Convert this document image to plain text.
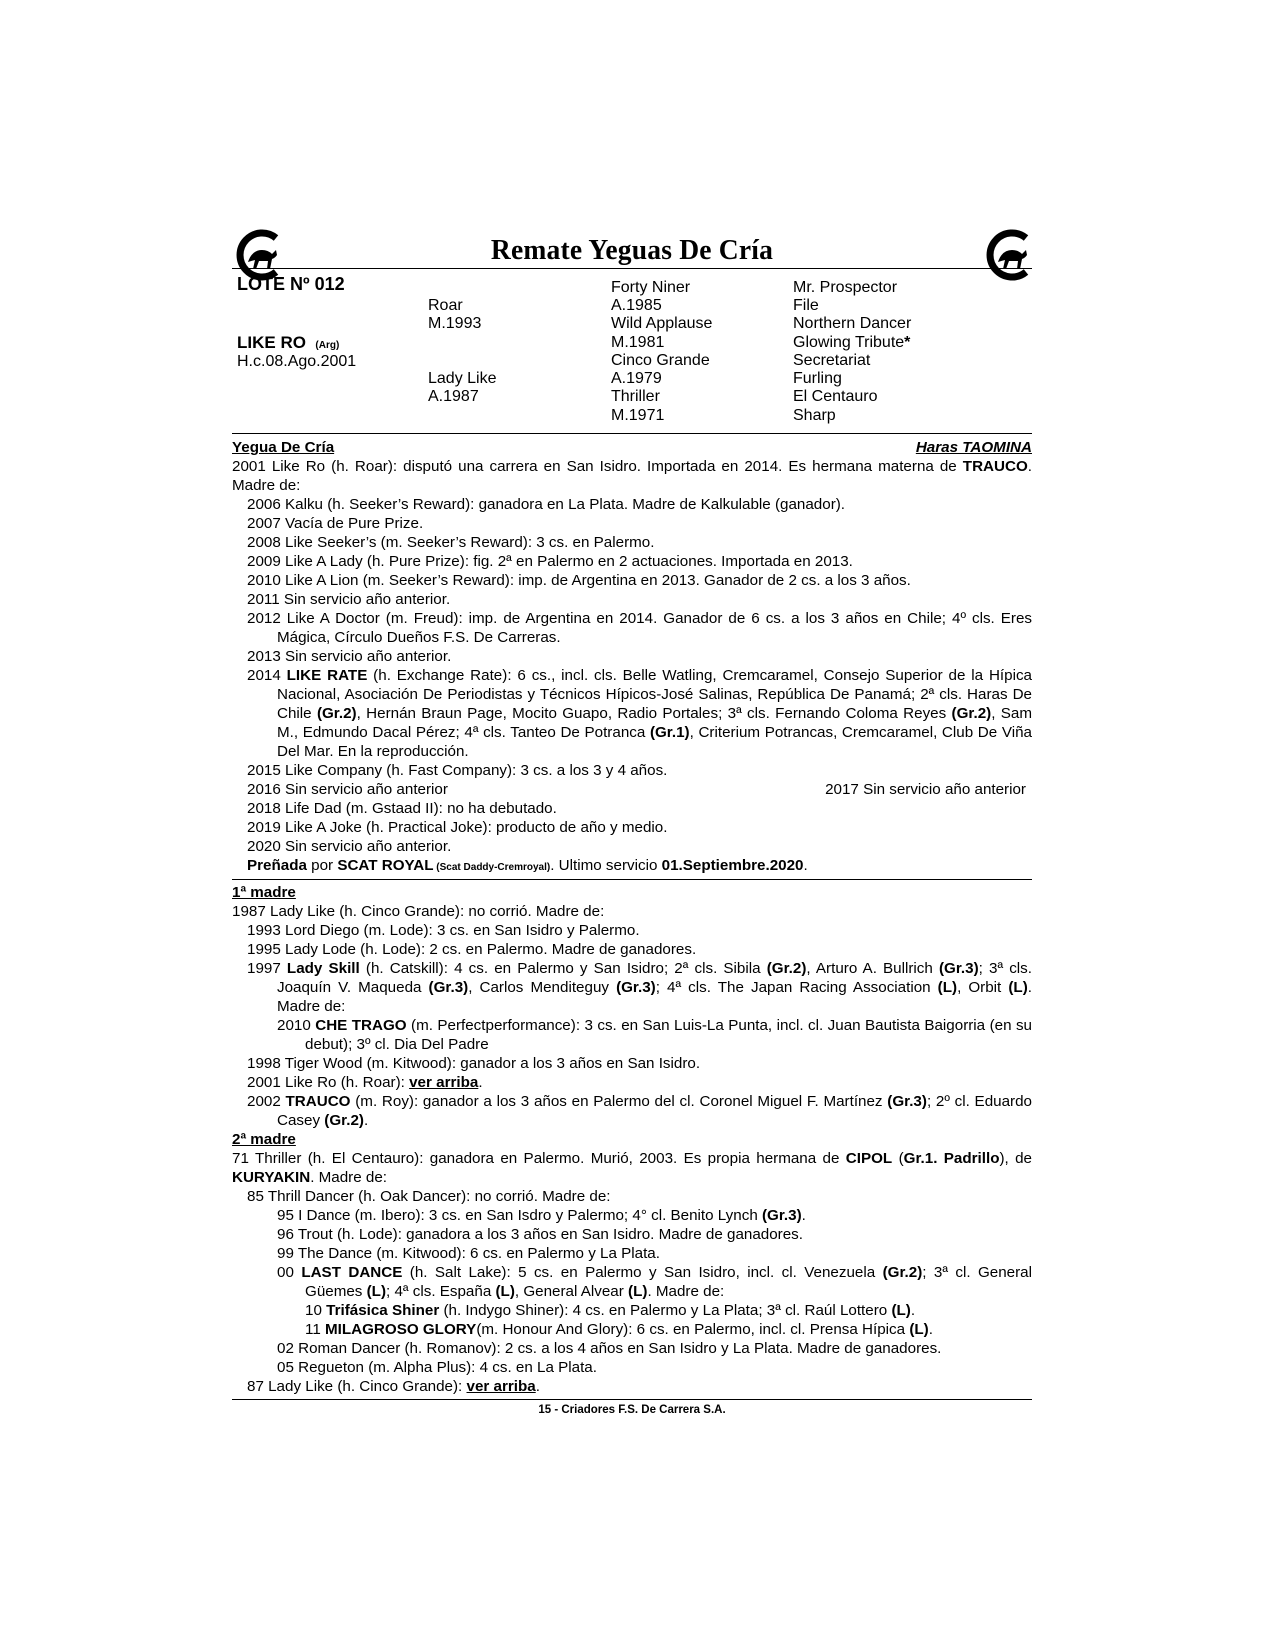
Remate Yeguas De Cría
LOTE Nº 012
LIKE RO (Arg)
H.c.08.Ago.2001
Roar
M.1993
Lady Like
A.1987
Forty Niner
A.1985
Wild Applause
M.1981
Cinco Grande
A.1979
Thriller
M.1971
Mr. Prospector
File
Northern Dancer
Glowing Tribute*
Secretariat
Furling
El Centauro
Sharp
Yegua De Cría	Haras TAOMINA

2001 Like Ro (h. Roar): disputó una carrera en San Isidro. Importada en 2014. Es hermana materna de TRAUCO. Madre de:

2006 Kalku (h. Seeker’s Reward): ganadora en La Plata. Madre de Kalkulable (ganador).

2007 Vacía de Pure Prize.

2008 Like Seeker’s (m. Seeker’s Reward): 3 cs. en Palermo.

2009 Like A Lady (h. Pure Prize): fig. 2ª en Palermo en 2 actuaciones. Importada en 2013.

2010 Like A Lion (m. Seeker’s Reward): imp. de Argentina en 2013. Ganador de 2 cs. a los 3 años.

2011 Sin servicio año anterior.

2012 Like A Doctor (m. Freud): imp. de Argentina en 2014. Ganador de 6 cs. a los 3 años en Chile; 4º cls. Eres Mágica, Círculo Dueños F.S. De Carreras.

2013 Sin servicio año anterior.

2014 LIKE RATE (h. Exchange Rate): 6 cs., incl. cls. Belle Watling, Cremcaramel, Consejo Superior de la Hípica Nacional, Asociación De Periodistas y Técnicos Hípicos-José Salinas, República De Panamá; 2ª cls. Haras De Chile (Gr.2), Hernán Braun Page, Mocito Guapo, Radio Portales; 3ª cls. Fernando Coloma Reyes (Gr.2), Sam M., Edmundo Dacal Pérez; 4ª cls. Tanteo De Potranca (Gr.1), Criterium Potrancas, Cremcaramel, Club De Viña Del Mar. En la reproducción.

2015 Like Company (h. Fast Company): 3 cs. a los 3 y 4 años.

2016 Sin servicio año anterior	2017 Sin servicio año anterior

2018 Life Dad (m. Gstaad II): no ha debutado.

2019 Like A Joke (h. Practical Joke): producto de año y medio.

2020 Sin servicio año anterior.

Preñada por SCAT ROYAL (Scat Daddy-Cremroyal). Ultimo servicio 01.Septiembre.2020.

1ª madre

1987 Lady Like (h. Cinco Grande): no corrió. Madre de:

1993 Lord Diego (m. Lode): 3 cs. en San Isidro y Palermo.

1995 Lady Lode (h. Lode): 2 cs. en Palermo. Madre de ganadores.

1997 Lady Skill (h. Catskill): 4 cs. en Palermo y San Isidro; 2ª cls. Sibila (Gr.2), Arturo A. Bullrich (Gr.3); 3ª cls. Joaquín V. Maqueda (Gr.3), Carlos Menditeguy (Gr.3); 4ª cls. The Japan Racing Association (L), Orbit (L). Madre de:

2010 CHE TRAGO (m. Perfectperformance): 3 cs. en San Luis-La Punta, incl. cl. Juan Bautista Baigorria (en su debut); 3º cl. Dia Del Padre

1998 Tiger Wood (m. Kitwood): ganador a los 3 años en San Isidro.

2001 Like Ro (h. Roar): ver arriba.

2002 TRAUCO (m. Roy): ganador a los 3 años en Palermo del cl. Coronel Miguel F. Martínez (Gr.3); 2º cl. Eduardo Casey (Gr.2).

2ª madre

71 Thriller (h. El Centauro): ganadora en Palermo. Murió, 2003. Es propia hermana de CIPOL (Gr.1. Padrillo), de KURYAKIN. Madre de:

85 Thrill Dancer (h. Oak Dancer): no corrió. Madre de:

95 I Dance (m. Ibero): 3 cs. en San Isdro y Palermo; 4° cl. Benito Lynch (Gr.3).

96 Trout (h. Lode): ganadora a los 3 años en San Isidro. Madre de ganadores.

99 The Dance (m. Kitwood): 6 cs. en Palermo y La Plata.

00 LAST DANCE (h. Salt Lake): 5 cs. en Palermo y San Isidro, incl. cl. Venezuela (Gr.2); 3ª cl. General Güemes (L); 4ª cls. España (L), General Alvear (L). Madre de:

10 Trifásica Shiner (h. Indygo Shiner): 4 cs. en Palermo y La Plata; 3ª cl. Raúl Lottero (L).

11 MILAGROSO GLORY(m. Honour And Glory): 6 cs. en Palermo, incl. cl. Prensa Hípica (L).

02 Roman Dancer (h. Romanov): 2 cs. a los 4 años en San Isidro y La Plata. Madre de ganadores.

05 Regueton (m. Alpha Plus): 4 cs. en La Plata.

87 Lady Like (h. Cinco Grande): ver arriba.

15 - Criadores F.S. De Carrera S.A.
